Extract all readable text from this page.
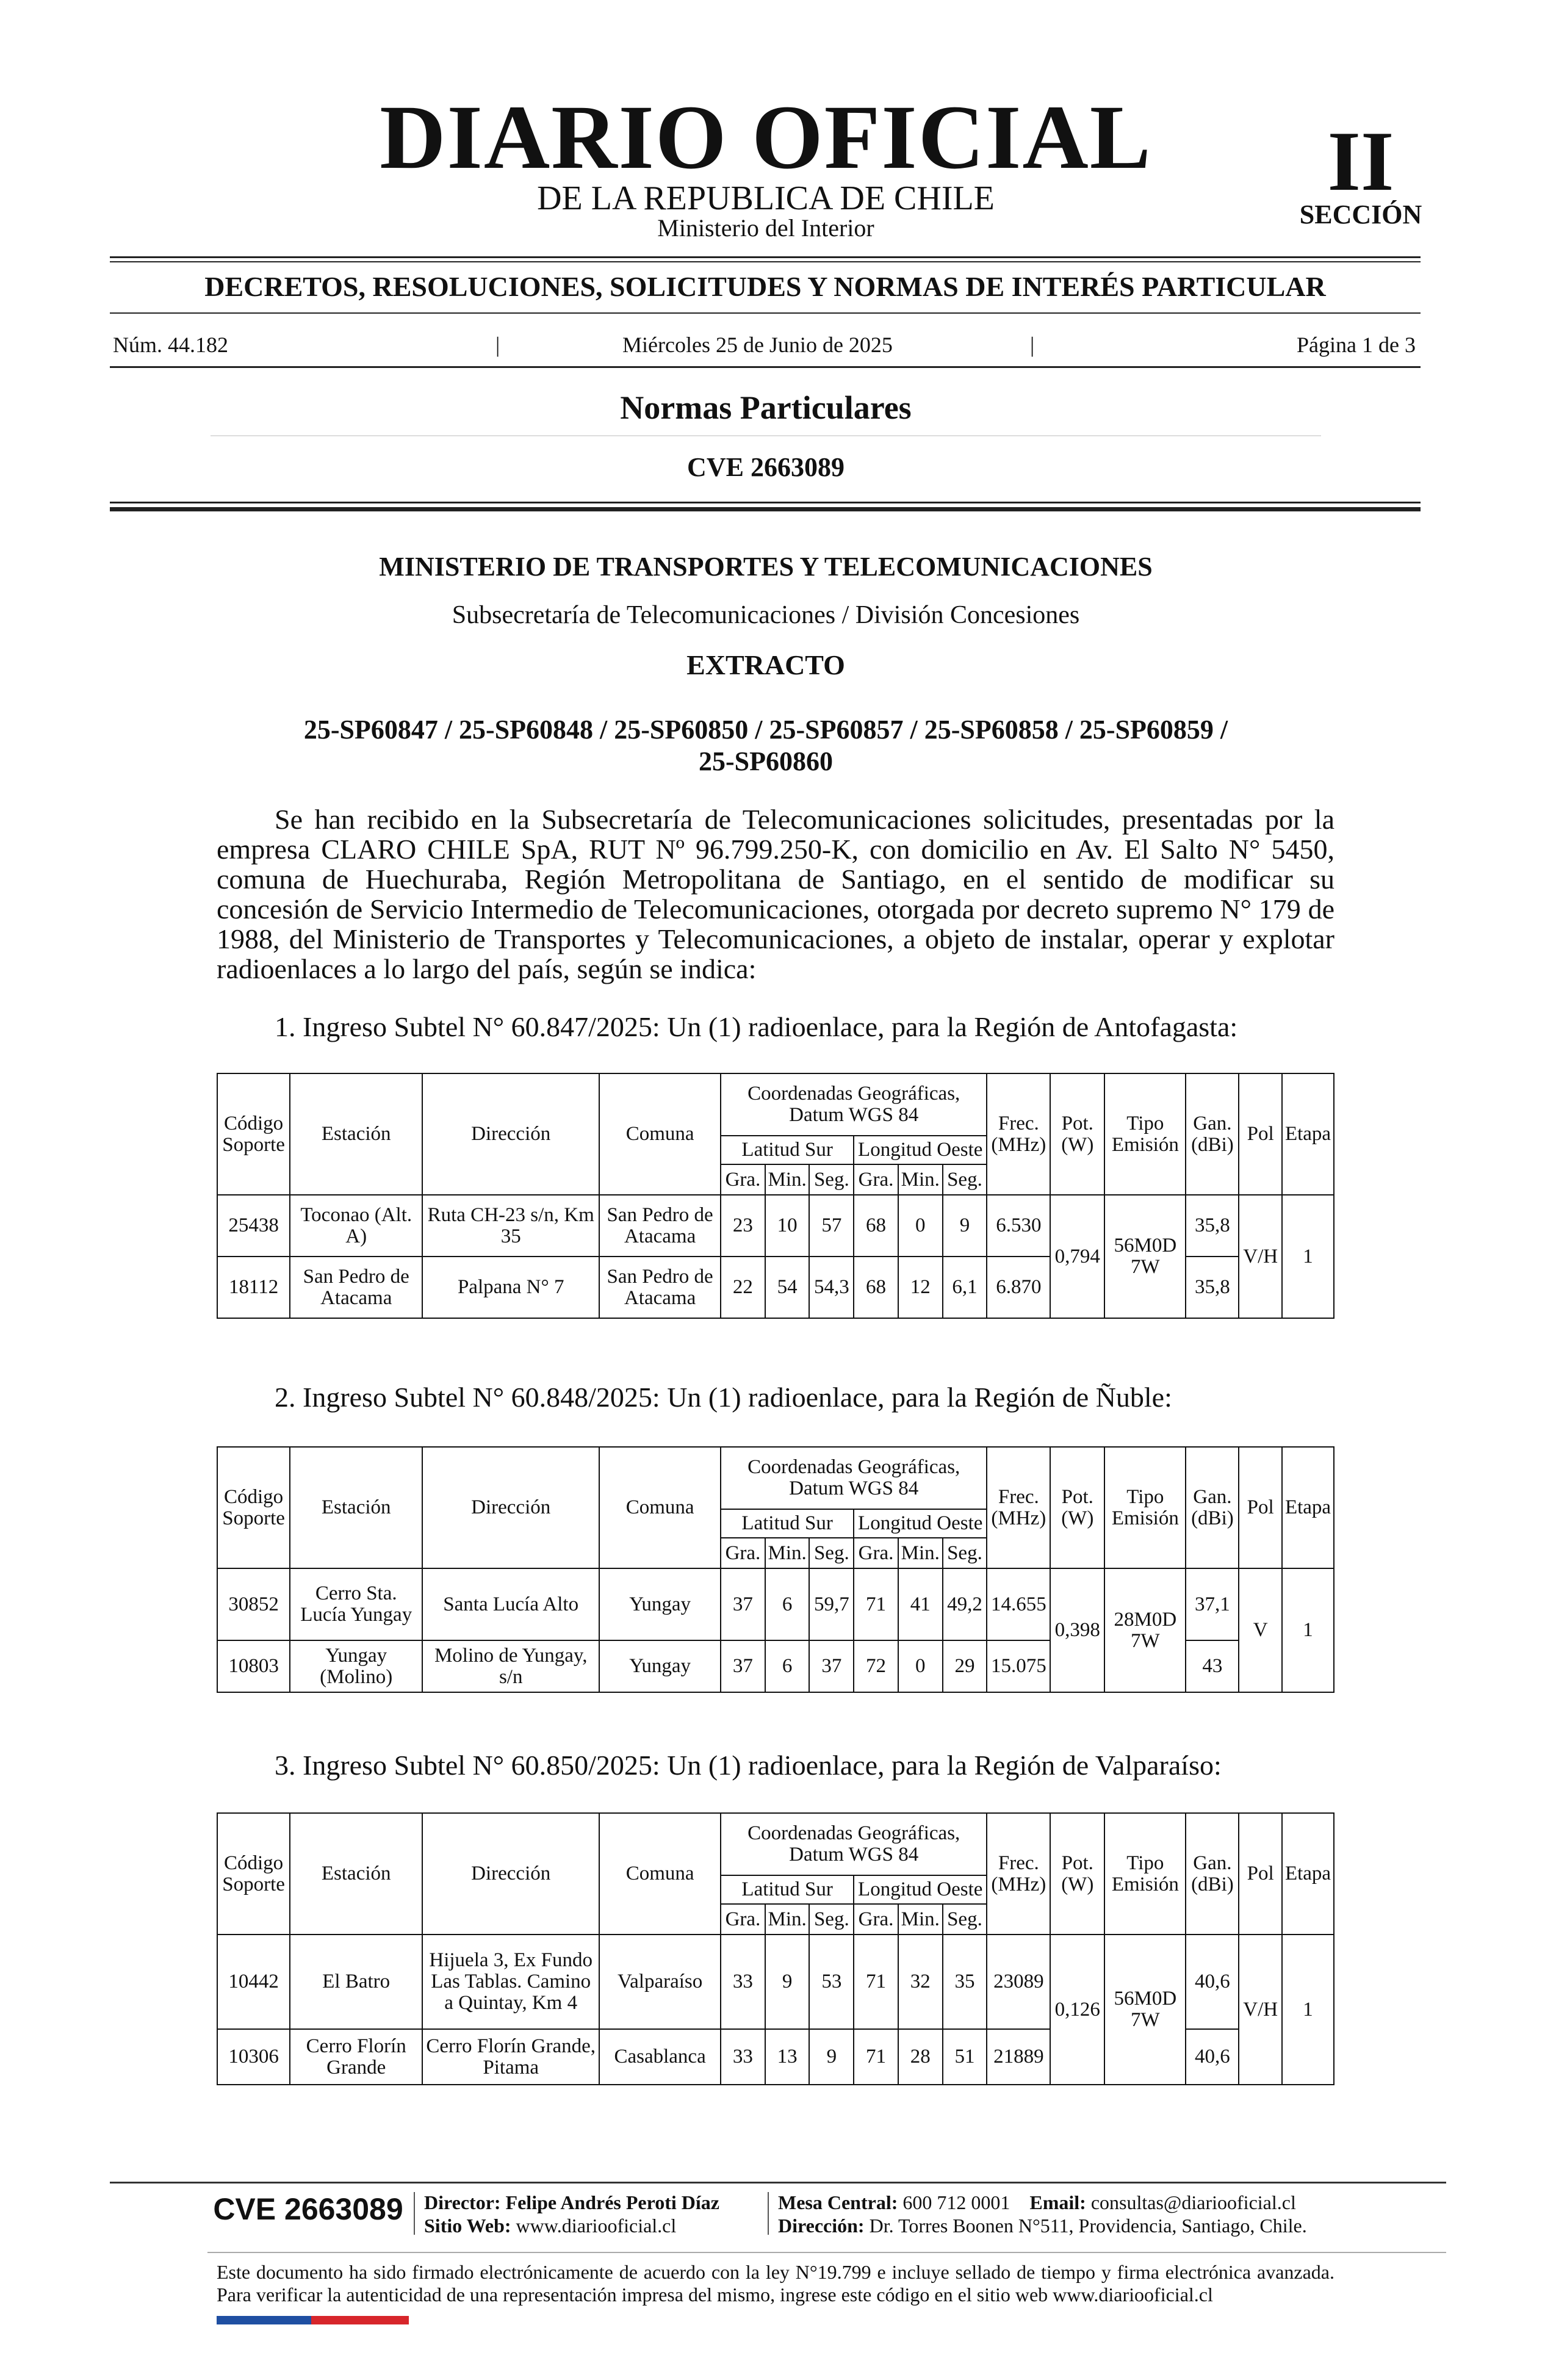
DIARIO OFICIAL
DE LA REPUBLICA DE CHILE
Ministerio del Interior
II
SECCIÓN
DECRETOS, RESOLUCIONES, SOLICITUDES Y NORMAS DE INTERÉS PARTICULAR
Núm. 44.182	|	Miércoles 25 de Junio de 2025	|	Página 1 de 3
Normas Particulares
CVE 2663089
MINISTERIO DE TRANSPORTES Y TELECOMUNICACIONES
Subsecretaría de Telecomunicaciones / División Concesiones
EXTRACTO
25-SP60847 / 25-SP60848 / 25-SP60850 / 25-SP60857 / 25-SP60858 / 25-SP60859 /
25-SP60860
Se han recibido en la Subsecretaría de Telecomunicaciones solicitudes, presentadas por la empresa CLARO CHILE SpA, RUT Nº 96.799.250-K, con domicilio en Av. El Salto N° 5450, comuna de Huechuraba, Región Metropolitana de Santiago, en el sentido de modificar su concesión de Servicio Intermedio de Telecomunicaciones, otorgada por decreto supremo N° 179 de 1988, del Ministerio de Transportes y Telecomunicaciones, a objeto de instalar, operar y explotar radioenlaces a lo largo del país, según se indica:
1. Ingreso Subtel N° 60.847/2025: Un (1) radioenlace, para la Región de Antofagasta:
Código Soporte	Estación	Dirección	Comuna	Coordenadas Geográficas,
Datum WGS 84						Frec. (MHz)	Pot. (W)	Tipo Emisión	Gan. (dBi)	Pol	Etapa
				Latitud Sur			Longitud Oeste								
				Gra.	Min.	Seg.	Gra.	Min.	Seg.						
25438	Toconao (Alt. A)	Ruta CH-23 s/n, Km 35	San Pedro de Atacama	23	10	57	68	0	9	6.530	0,794	56M0D 7W	35,8	V/H	1
18112	San Pedro de Atacama	Palpana N° 7	San Pedro de Atacama	22	54	54,3	68	12	6,1	6.870			35,8		
2. Ingreso Subtel N° 60.848/2025: Un (1) radioenlace, para la Región de Ñuble:
Código Soporte	Estación	Dirección	Comuna	Coordenadas Geográficas,
Datum WGS 84						Frec. (MHz)	Pot. (W)	Tipo Emisión	Gan. (dBi)	Pol	Etapa
				Latitud Sur			Longitud Oeste								
				Gra.	Min.	Seg.	Gra.	Min.	Seg.						
30852	Cerro Sta. Lucía Yungay	Santa Lucía Alto	Yungay	37	6	59,7	71	41	49,2	14.655	0,398	28M0D 7W	37,1	V	1
10803	Yungay (Molino)	Molino de Yungay, s/n	Yungay	37	6	37	72	0	29	15.075			43		
3. Ingreso Subtel N° 60.850/2025: Un (1) radioenlace, para la Región de Valparaíso:
Código Soporte	Estación	Dirección	Comuna	Coordenadas Geográficas,
Datum WGS 84						Frec. (MHz)	Pot. (W)	Tipo Emisión	Gan. (dBi)	Pol	Etapa
				Latitud Sur			Longitud Oeste								
				Gra.	Min.	Seg.	Gra.	Min.	Seg.						
10442	El Batro	Hijuela 3, Ex Fundo Las Tablas. Camino a Quintay, Km 4	Valparaíso	33	9	53	71	32	35	23089	0,126	56M0D 7W	40,6	V/H	1
10306	Cerro Florín Grande	Cerro Florín Grande, Pitama	Casablanca	33	13	9	71	28	51	21889			40,6		
CVE 2663089 Director: Felipe Andrés Peroti Díaz
Sitio Web: www.diariooficial.cl
Mesa Central: 600 712 0001 Email: consultas@diariooficial.cl
Dirección: Dr. Torres Boonen N°511, Providencia, Santiago, Chile.
Este documento ha sido firmado electrónicamente de acuerdo con la ley N°19.799 e incluye sellado de tiempo y firma electrónica avanzada. Para verificar la autenticidad de una representación impresa del mismo, ingrese este código en el sitio web www.diariooficial.cl
